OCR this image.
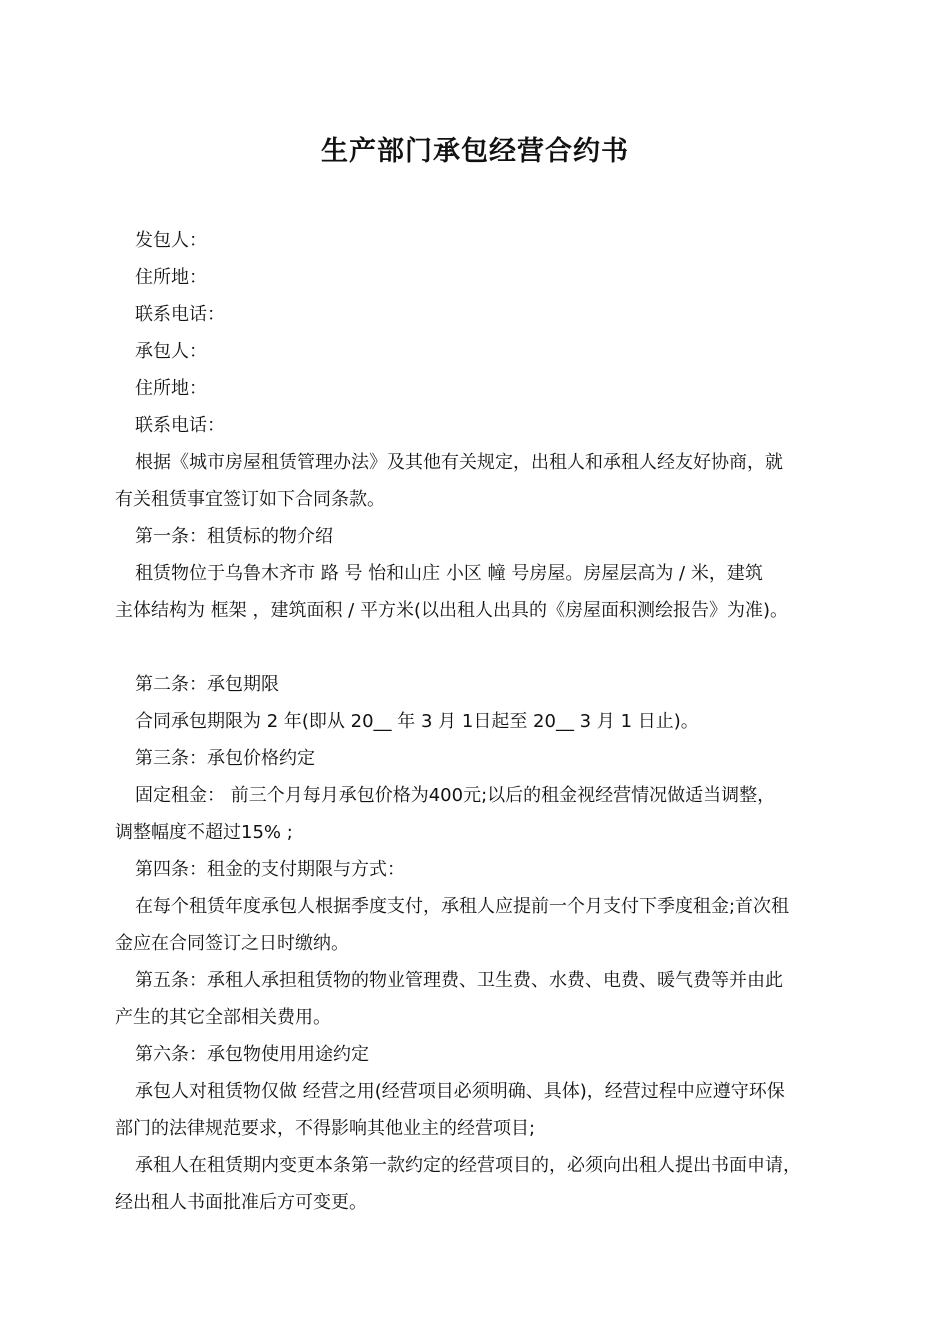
生产部门承包经营合约书

发包人：

住所地：

联系电话：

承包人：

住所地：

联系电话：

根据《城市房屋租赁管理办法》及其他有关规定，出租人和承租人经友好协商，就

有关租赁事宜签订如下合同条款。

第一条：租赁标的物介绍

租赁物位于乌鲁木齐市 路 号 怡和山庄 小区 幢 号房屋。房屋层高为 / 米，建筑

主体结构为 框架 ，建筑面积 / 平方米(以出租人出具的《房屋面积测绘报告》为准)。

第二条：承包期限

合同承包期限为 2 年(即从 20__ 年 3 月 1日起至 20__ 3 月 1 日止)。

第三条：承包价格约定

固定租金： 前三个月每月承包价格为400元;以后的租金视经营情况做适当调整，

调整幅度不超过15% ;

第四条：租金的支付期限与方式：

在每个租赁年度承包人根据季度支付，承租人应提前一个月支付下季度租金;首次租

金应在合同签订之日时缴纳。

第五条：承租人承担租赁物的物业管理费、卫生费、水费、电费、暖气费等并由此

产生的其它全部相关费用。

第六条：承包物使用用途约定

承包人对租赁物仅做 经营之用(经营项目必须明确、具体)，经营过程中应遵守环保

部门的法律规范要求，不得影响其他业主的经营项目;

承租人在租赁期内变更本条第一款约定的经营项目的，必须向出租人提出书面申请，

经出租人书面批准后方可变更。
